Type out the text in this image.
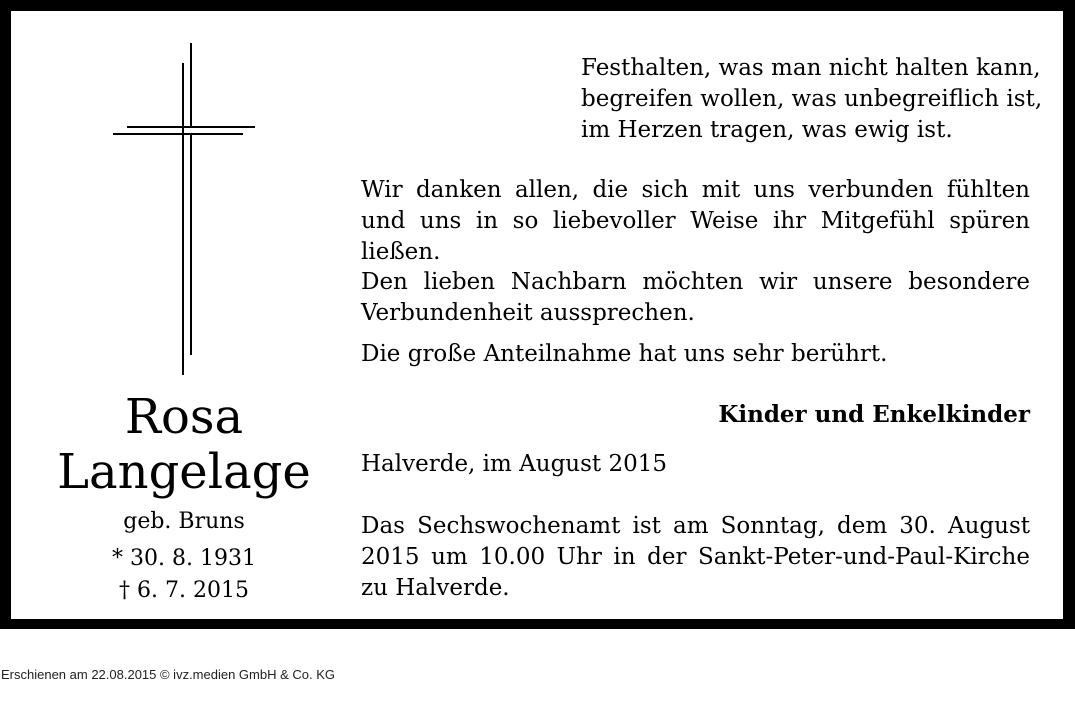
Rosa
Langelage
geb. Bruns
* 30. 8. 1931
† 6. 7. 2015
Festhalten, was man nicht halten kann,
begreifen wollen, was unbegreiflich ist,
im Herzen tragen, was ewig ist.
Wir danken allen, die sich mit uns verbunden fühlten und uns in so liebevoller Weise ihr Mitgefühl spüren ließen.
Den lieben Nachbarn möchten wir unsere besondere Verbundenheit aussprechen.
Die große Anteilnahme hat uns sehr berührt.
Kinder und Enkelkinder
Halverde, im August 2015
Das Sechswochenamt ist am Sonntag, dem 30. August 2015 um 10.00 Uhr in der Sankt-Peter-und-Paul-Kirche zu Halverde.
Erschienen am 22.08.2015 © ivz.medien GmbH & Co. KG
